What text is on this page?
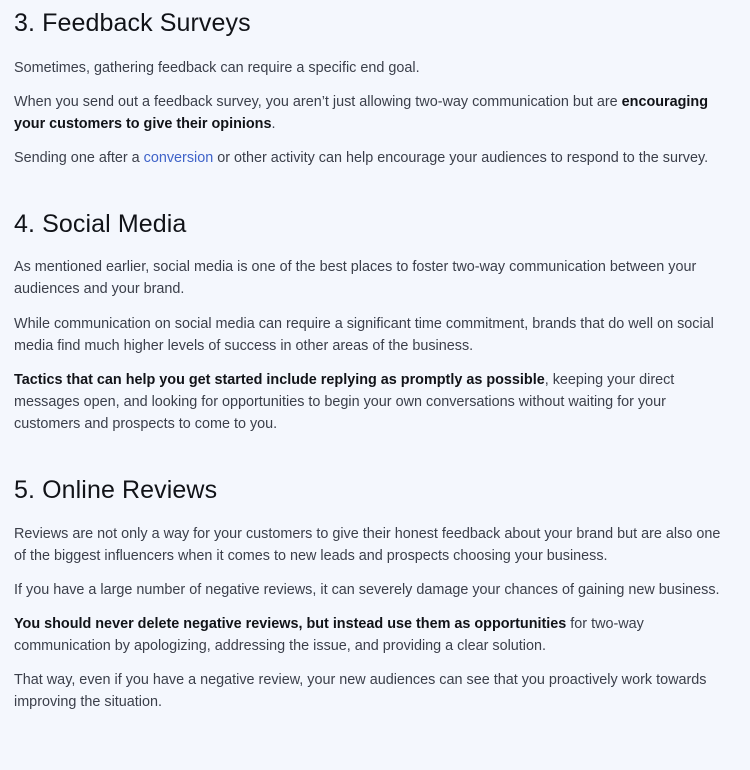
3. Feedback Surveys

Sometimes, gathering feedback can require a specific end goal.

When you send out a feedback survey, you aren’t just allowing two-way communication but are encouraging your customers to give their opinions.

Sending one after a conversion or other activity can help encourage your audiences to respond to the survey.

4. Social Media

As mentioned earlier, social media is one of the best places to foster two-way communication between your audiences and your brand.

While communication on social media can require a significant time commitment, brands that do well on social media find much higher levels of success in other areas of the business.

Tactics that can help you get started include replying as promptly as possible, keeping your direct messages open, and looking for opportunities to begin your own conversations without waiting for your customers and prospects to come to you.

5. Online Reviews

Reviews are not only a way for your customers to give their honest feedback about your brand but are also one of the biggest influencers when it comes to new leads and prospects choosing your business.

If you have a large number of negative reviews, it can severely damage your chances of gaining new business.

You should never delete negative reviews, but instead use them as opportunities for two-way communication by apologizing, addressing the issue, and providing a clear solution.

That way, even if you have a negative review, your new audiences can see that you proactively work towards improving the situation.
